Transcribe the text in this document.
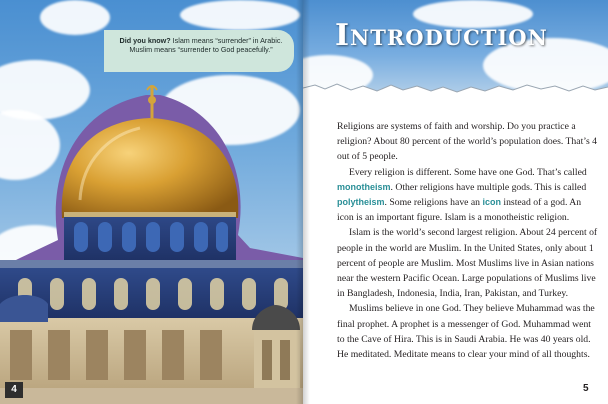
Did you know? Islam means “surrender” in Arabic. Muslim means “surrender to God peacefully.”
4
Introduction

Religions are systems of faith and worship. Do you practice a religion? About 80 percent of the world’s population does. That’s 4 out of 5 people.

Every religion is different. Some have one God. That’s called monotheism. Other religions have multiple gods. This is called polytheism. Some religions have an icon instead of a god. An icon is an important figure. Islam is a monotheistic religion.

Islam is the world’s second largest religion. About 24 percent of people in the world are Muslim. In the United States, only about 1 percent of people are Muslim. Most Muslims live in Asian nations near the western Pacific Ocean. Large populations of Muslims live in Bangladesh, Indonesia, India, Iran, Pakistan, and Turkey.

Muslims believe in one God. They believe Muhammad was the final prophet. A prophet is a messenger of God. Muhammad went to the Cave of Hira. This is in Saudi Arabia. He was 40 years old. He meditated. Meditate means to clear your mind of all thoughts.

5
